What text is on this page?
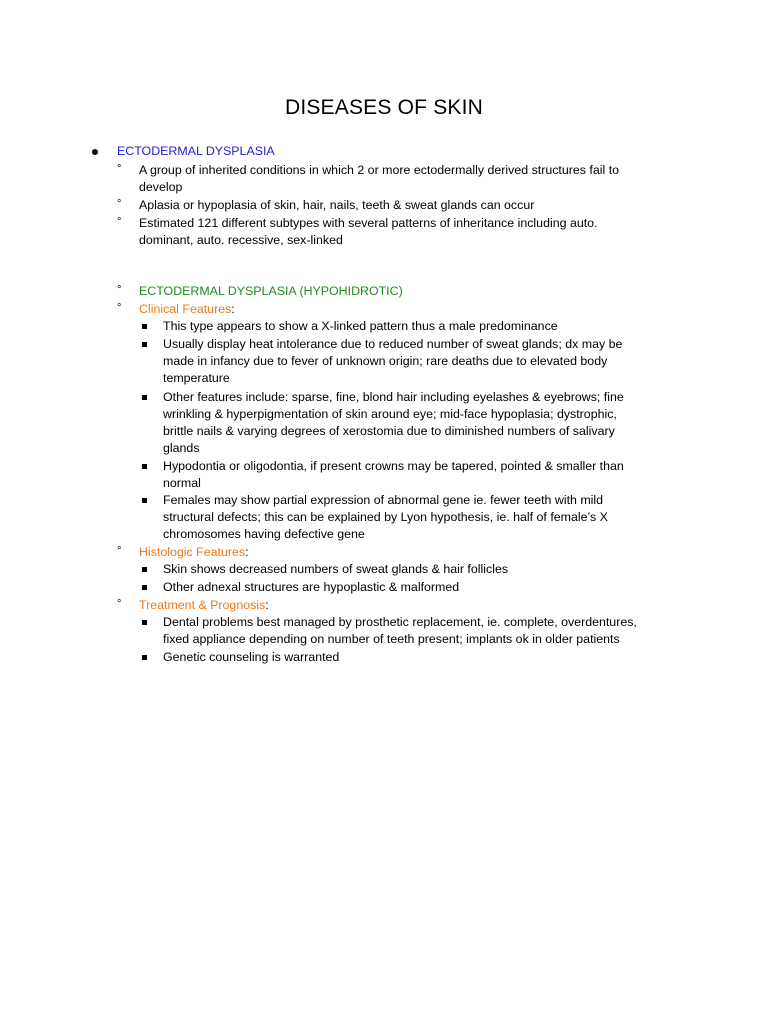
DISEASES OF SKIN
ECTODERMAL DYSPLASIA
° A group of inherited conditions in which 2 or more ectodermally derived structures fail to
develop
° Aplasia or hypoplasia of skin, hair, nails, teeth & sweat glands can occur
° Estimated 121 different subtypes with several patterns of inheritance including auto.
dominant, auto. recessive, sex-linked
° ECTODERMAL DYSPLASIA (HYPOHIDROTIC)
° Clinical Features:
This type appears to show a X-linked pattern thus a male predominance
Usually display heat intolerance due to reduced number of sweat glands; dx may be
made in infancy due to fever of unknown origin; rare deaths due to elevated body
temperature
Other features include: sparse, fine, blond hair including eyelashes & eyebrows; fine
wrinkling & hyperpigmentation of skin around eye; mid-face hypoplasia; dystrophic,
brittle nails & varying degrees of xerostomia due to diminished numbers of salivary
glands
Hypodontia or oligodontia, if present crowns may be tapered, pointed & smaller than
normal
Females may show partial expression of abnormal gene ie. fewer teeth with mild
structural defects; this can be explained by Lyon hypothesis, ie. half of female’s X
chromosomes having defective gene
° Histologic Features:
Skin shows decreased numbers of sweat glands & hair follicles
Other adnexal structures are hypoplastic & malformed
° Treatment & Prognosis:
Dental problems best managed by prosthetic replacement, ie. complete, overdentures,
fixed appliance depending on number of teeth present; implants ok in older patients
Genetic counseling is warranted
